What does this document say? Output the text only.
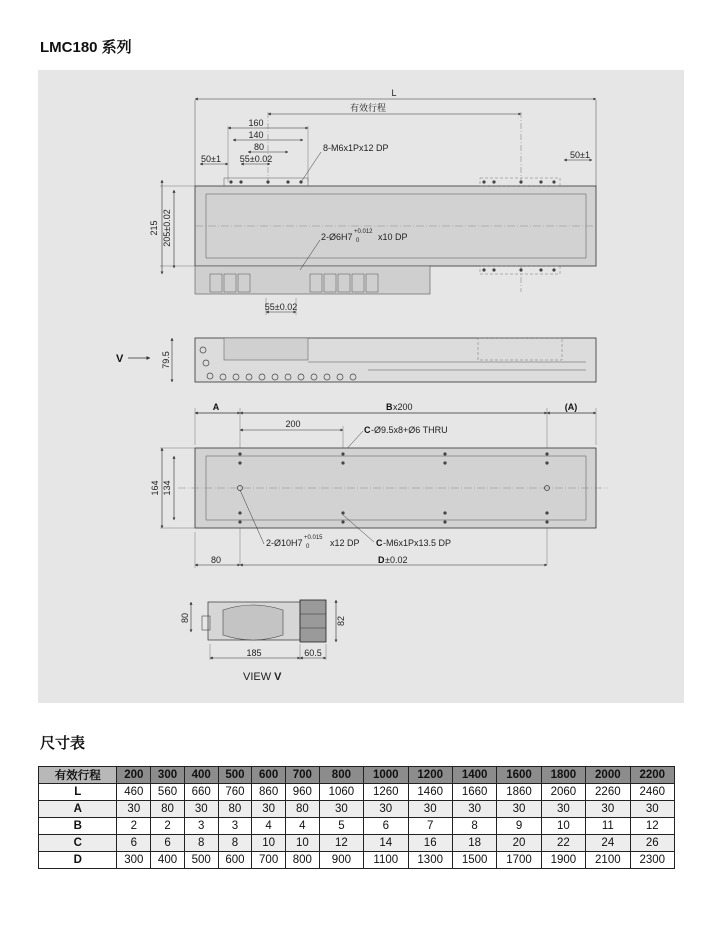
LMC180 系列
L
有效行程
160
140
80
55±0.02
50±1	50±1
8-M6x1Px12 DP
215 205±0.02	2-Ø6H7 +0.012
0 x10 DP
55±0.02
V	79.5
A	B x200	(A)
200
C -Ø9.5x8+Ø6 THRU
164 134
2-Ø10H7 +0.015
0 x12 DP C -M6x1Px13.5 DP
80	D ±0.02
80	82
185	60.5
VIEW V
尺寸表
有效行程	200	300	400	500	600	700	800	1000	1200	1400	1600	1800	2000	2200
L	460	560	660	760	860	960	1060	1260	1460	1660	1860	2060	2260	2460
A	30	80	30	80	30	80	30	30	30	30	30	30	30	30
B	2	2	3	3	4	4	5	6	7	8	9	10	11	12
C	6	6	8	8	10	10	12	14	16	18	20	22	24	26
D	300	400	500	600	700	800	900	1100	1300	1500	1700	1900	2100	2300
